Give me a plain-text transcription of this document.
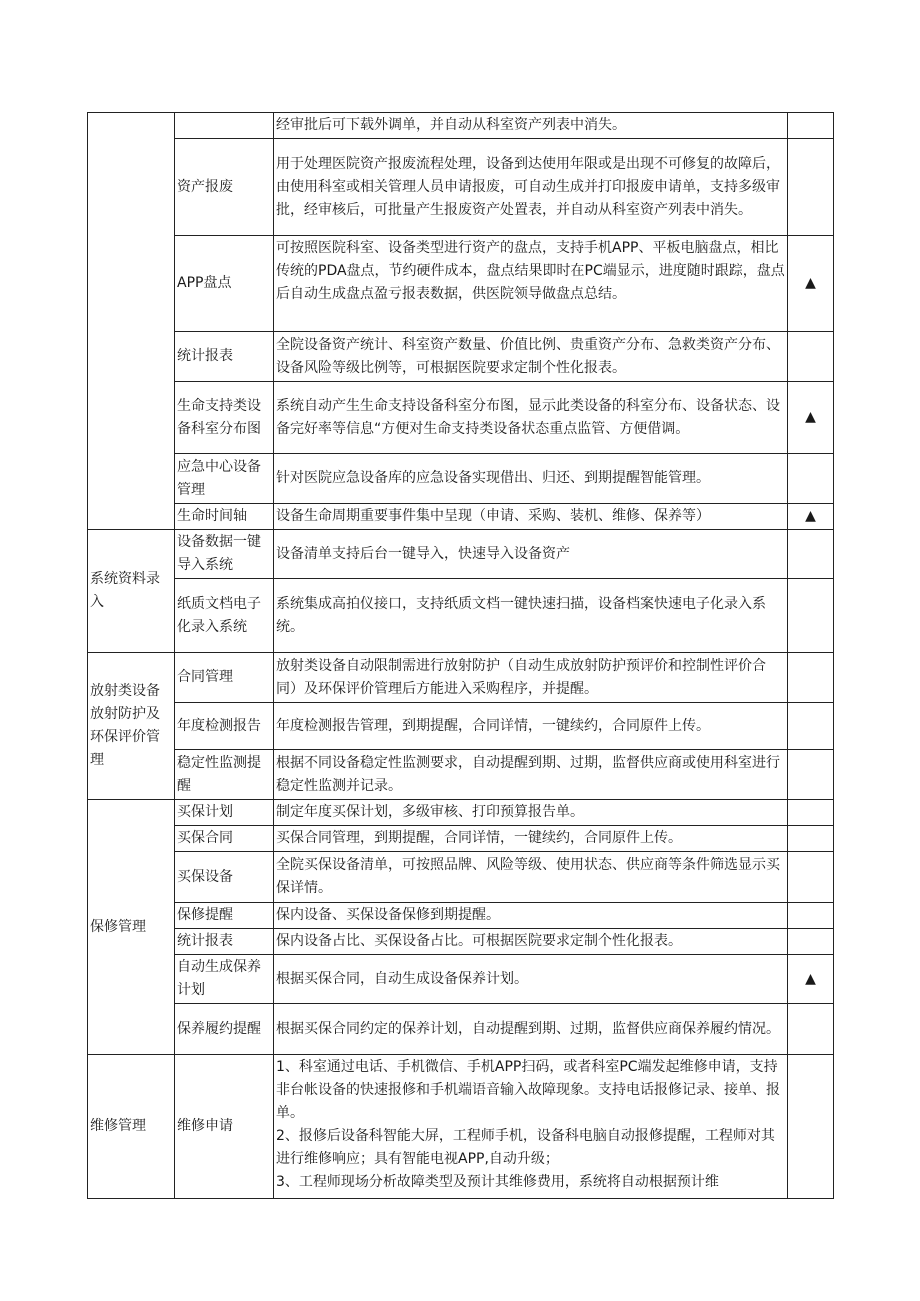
		经审批后可下载外调单，并自动从科室资产列表中消失。	
	资产报废	用于处理医院资产报废流程处理，设备到达使用年限或是出现不可修复的故障后，由使用科室或相关管理人员申请报废，可自动生成并打印报废申请单，支持多级审批，经审核后，可批量产生报废资产处置表，并自动从科室资产列表中消失。	
	APP盘点	可按照医院科室、设备类型进行资产的盘点，支持手机APP、平板电脑盘点，相比传统的PDA盘点，节约硬件成本，盘点结果即时在PC端显示，进度随时跟踪，盘点后自动生成盘点盈亏报表数据，供医院领导做盘点总结。	▲
	统计报表	全院设备资产统计、科室资产数量、价值比例、贵重资产分布、急救类资产分布、设备风险等级比例等，可根据医院要求定制个性化报表。	
	生命支持类设备科室分布图	系统自动产生生命支持设备科室分布图，显示此类设备的科室分布、设备状态、设备完好率等信息“方便对生命支持类设备状态重点监管、方便借调。	▲
	应急中心设备管理	针对医院应急设备库的应急设备实现借出、归还、到期提醒智能管理。	
	生命时间轴	设备生命周期重要事件集中呈现（申请、采购、装机、维修、保养等）	▲
系统资料录入	设备数据一键导入系统	设备清单支持后台一键导入，快速导入设备资产	
	纸质文档电子化录入系统	系统集成高拍仪接口，支持纸质文档一键快速扫描，设备档案快速电子化录入系统。	
放射类设备放射防护及环保评价管理	合同管理	放射类设备自动限制需进行放射防护（自动生成放射防护预评价和控制性评价合同）及环保评价管理后方能进入采购程序，并提醒。	
	年度检测报告	年度检测报告管理，到期提醒，合同详情，一键续约，合同原件上传。	
	稳定性监测提醒	根据不同设备稳定性监测要求，自动提醒到期、过期，监督供应商或使用科室进行稳定性监测并记录。	
保修管理	买保计划	制定年度买保计划，多级审核、打印预算报告单。	
	买保合同	买保合同管理，到期提醒，合同详情，一键续约，合同原件上传。	
	买保设备	全院买保设备清单，可按照品牌、风险等级、使用状态、供应商等条件筛选显示买保详情。	
	保修提醒	保内设备、买保设备保修到期提醒。	
	统计报表	保内设备占比、买保设备占比。可根据医院要求定制个性化报表。	
	自动生成保养计划	根据买保合同，自动生成设备保养计划。	▲
	保养履约提醒	根据买保合同约定的保养计划，自动提醒到期、过期，监督供应商保养履约情况。	
维修管理	维修申请	1、科室通过电话、手机微信、手机APP扫码，或者科室PC端发起维修申请，支持非台帐设备的快速报修和手机端语音输入故障现象。支持电话报修记录、接单、报单。
2、报修后设备科智能大屏，工程师手机，设备科电脑自动报修提醒，工程师对其进行维修响应；具有智能电视APP,自动升级；
3、工程师现场分析故障类型及预计其维修费用，系统将自动根据预计维	
